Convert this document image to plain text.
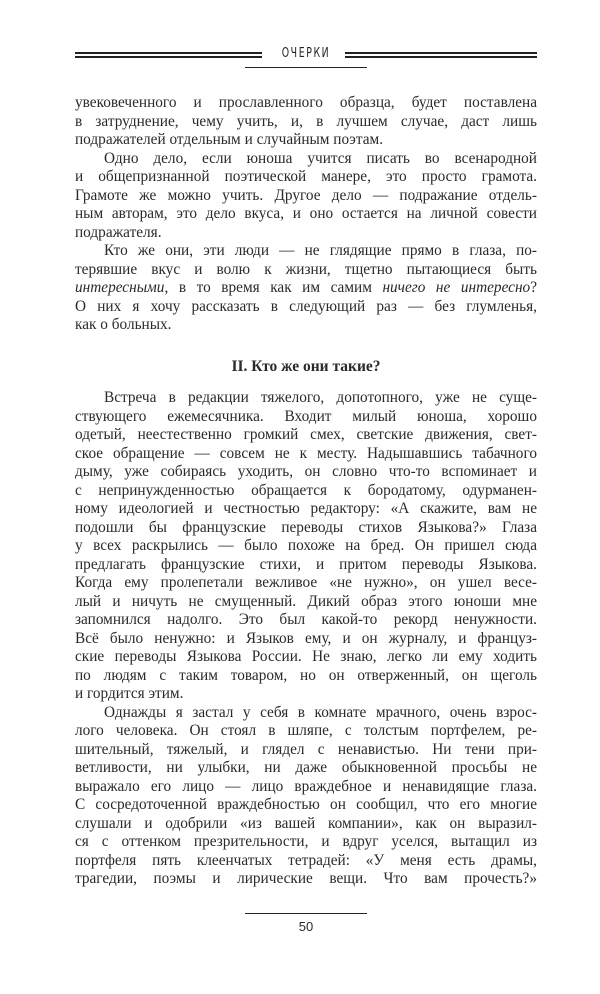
ОЧЕРКИ
увековеченного и прославленного образца, будет поставлена
в затруднение, чему учить, и, в лучшем случае, даст лишь
подражателей отдельным и случайным поэтам.
Одно дело, если юноша учится писать во всенародной
и общепризнанной поэтической манере, это просто грамота.
Грамоте же можно учить. Другое дело — подражание отдель-
ным авторам, это дело вкуса, и оно остается на личной совести
подражателя.
Кто же они, эти люди — не глядящие прямо в глаза, по-
терявшие вкус и волю к жизни, тщетно пытающиеся быть
интересными, в то время как им самим ничего не интересно?
О них я хочу рассказать в следующий раз — без глумленья,
как о больных.
II. Кто же они такие?
Встреча в редакции тяжелого, допотопного, уже не суще-
ствующего ежемесячника. Входит милый юноша, хорошо
одетый, неестественно громкий смех, светские движения, свет-
ское обращение — совсем не к месту. Надышавшись табачного
дыму, уже собираясь уходить, он словно что-то вспоминает и
с непринужденностью обращается к бородатому, одурманен-
ному идеологией и честностью редактору: «А скажите, вам не
подошли бы французские переводы стихов Языкова?» Глаза
у всех раскрылись — было похоже на бред. Он пришел сюда
предлагать французские стихи, и притом переводы Языкова.
Когда ему пролепетали вежливое «не нужно», он ушел весе-
лый и ничуть не смущенный. Дикий образ этого юноши мне
запомнился надолго. Это был какой-то рекорд ненужности.
Всё было ненужно: и Языков ему, и он журналу, и француз-
ские переводы Языкова России. Не знаю, легко ли ему ходить
по людям с таким товаром, но он отверженный, он щеголь
и гордится этим.
Однажды я застал у себя в комнате мрачного, очень взрос-
лого человека. Он стоял в шляпе, с толстым портфелем, ре-
шительный, тяжелый, и глядел с ненавистью. Ни тени при-
ветливости, ни улыбки, ни даже обыкновенной просьбы не
выражало его лицо — лицо враждебное и ненавидящие глаза.
С сосредоточенной враждебностью он сообщил, что его многие
слушали и одобрили «из вашей компании», как он выразил-
ся с оттенком презрительности, и вдруг уселся, вытащил из
портфеля пять клеенчатых тетрадей: «У меня есть драмы,
трагедии, поэмы и лирические вещи. Что вам прочесть?»
50
